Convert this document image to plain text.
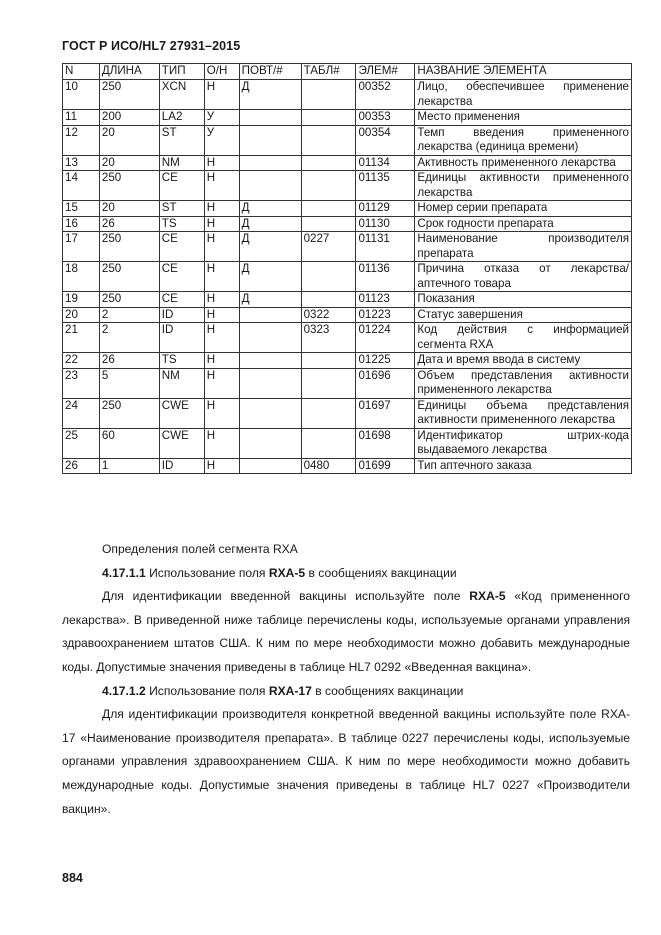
ГОСТ Р ИСО/HL7 27931–2015
N	ДЛИНА	ТИП	О/Н	ПОВТ/#	ТАБЛ#	ЭЛЕМ#	НАЗВАНИЕ ЭЛЕМЕНТА
10	250	XCN	Н	Д		00352	Лицо, обеспечившее применение лекарства
11	200	LA2	У			00353	Место применения
12	20	ST	У			00354	Темп введения примененного лекарства (единица времени)
13	20	NM	Н			01134	Активность примененного лекарства
14	250	CE	Н			01135	Единицы активности примененного лекарства
15	20	ST	Н	Д		01129	Номер серии препарата
16	26	TS	Н	Д		01130	Срок годности препарата
17	250	CE	Н	Д	0227	01131	Наименование производителя препарата
18	250	CE	Н	Д		01136	Причина отказа от лекарства/аптечного товара
19	250	CE	Н	Д		01123	Показания
20	2	ID	Н		0322	01223	Статус завершения
21	2	ID	Н		0323	01224	Код действия с информацией сегмента RXA
22	26	TS	Н			01225	Дата и время ввода в систему
23	5	NM	Н			01696	Объем представления активности примененного лекарства
24	250	CWE	Н			01697	Единицы объема представления активности примененного лекарства
25	60	CWE	Н			01698	Идентификатор штрих-кода выдаваемого лекарства
26	1	ID	Н		0480	01699	Тип аптечного заказа

Определения полей сегмента RXA

4.17.1.1 Использование поля RXA-5 в сообщениях вакцинации

Для идентификации введенной вакцины используйте поле RXA-5 «Код примененного лекарства». В приведенной ниже таблице перечислены коды, используемые органами управления здравоохранением штатов США. К ним по мере необходимости можно добавить международные коды. Допустимые значения приведены в таблице HL7 0292 «Введенная вакцина».

4.17.1.2 Использование поля RXA-17 в сообщениях вакцинации

Для идентификации производителя конкретной введенной вакцины используйте поле RXA-17 «Наименование производителя препарата». В таблице 0227 перечислены коды, используемые органами управления здравоохранением США. К ним по мере необходимости можно добавить международные коды. Допустимые значения приведены в таблице HL7 0227 «Производители вакцин».

884
